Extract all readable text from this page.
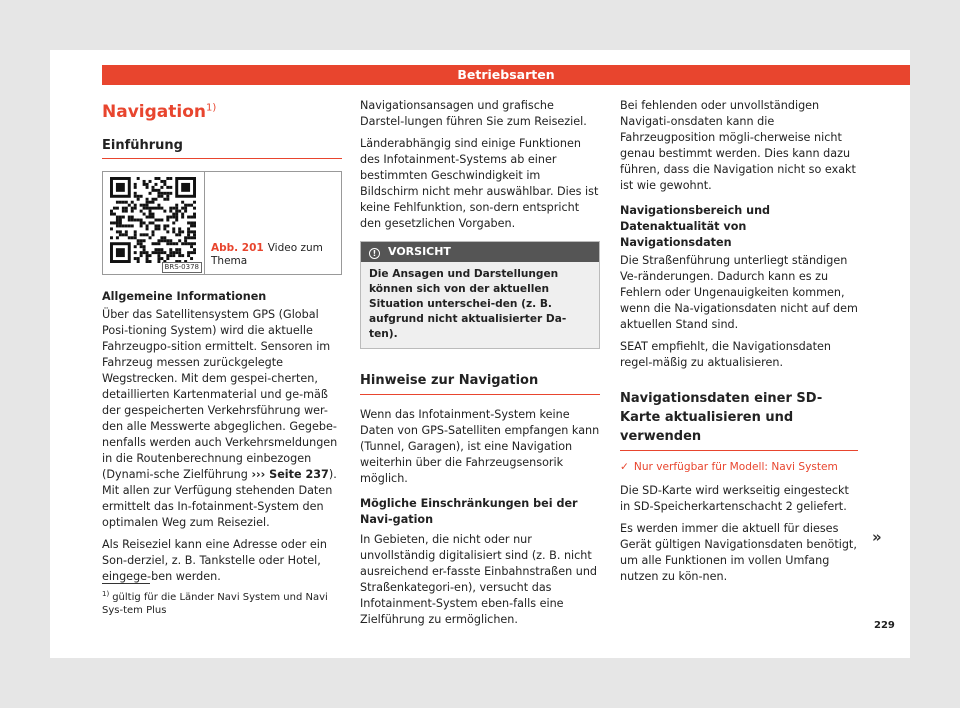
Betriebsarten
Navigation$^{1)}$
Einführung
BRS-0378
Abb. 201 Video zum Thema
Allgemeine Informationen

Über das Satellitensystem GPS (Global Posi-tioning System) wird die aktuelle Fahrzeugpo-sition ermittelt. Sensoren im Fahrzeug messen zurückgelegte Wegstrecken. Mit dem gespei-cherten, detaillierten Kartenmaterial und ge-mäß der gespeicherten Verkehrsführung wer-den alle Messwerte abgeglichen. Gegebe-nenfalls werden auch Verkehrsmeldungen in die Routenberechnung einbezogen (Dynami-sche Zielführung ››› Seite 237). Mit allen zur Verfügung stehenden Daten ermittelt das In-fotainment-System den optimalen Weg zum Reiseziel.

Als Reiseziel kann eine Adresse oder ein Son-derziel, z. B. Tankstelle oder Hotel, eingege-ben werden.

$^{1)}$ gültig für die Länder Navi System und Navi Sys-tem Plus

Navigationsansagen und grafische Darstel-lungen führen Sie zum Reiseziel.

Länderabhängig sind einige Funktionen des Infotainment-Systems ab einer bestimmten Geschwindigkeit im Bildschirm nicht mehr auswählbar. Dies ist keine Fehlfunktion, son-dern entspricht den gesetzlichen Vorgaben.

! VORSICHT
Die Ansagen und Darstellungen können sich von der aktuellen Situation unterschei-den (z. B. aufgrund nicht aktualisierter Da-ten).
Hinweise zur Navigation

Wenn das Infotainment-System keine Daten von GPS-Satelliten empfangen kann (Tunnel, Garagen), ist eine Navigation weiterhin über die Fahrzeugsensorik möglich.

Mögliche Einschränkungen bei der Navi-gation

In Gebieten, die nicht oder nur unvollständig digitalisiert sind (z. B. nicht ausreichend er-fasste Einbahnstraßen und Straßenkategori-en), versucht das Infotainment-System eben-falls eine Zielführung zu ermöglichen.

Bei fehlenden oder unvollständigen Navigati-onsdaten kann die Fahrzeugposition mögli-cherweise nicht genau bestimmt werden. Dies kann dazu führen, dass die Navigation nicht so exakt ist wie gewohnt.

Navigationsbereich und Datenaktualität von Navigationsdaten

Die Straßenführung unterliegt ständigen Ve-ränderungen. Dadurch kann es zu Fehlern oder Ungenauigkeiten kommen, wenn die Na-vigationsdaten nicht auf dem aktuellen Stand sind.

SEAT empfiehlt, die Navigationsdaten regel-mäßig zu aktualisieren.

Navigationsdaten einer SD-Karte aktualisieren und verwenden
✓ Nur verfügbar für Modell: Navi System

Die SD-Karte wird werkseitig eingesteckt in SD-Speicherkartenschacht 2 geliefert.

Es werden immer die aktuell für dieses Gerät gültigen Navigationsdaten benötigt, um alle Funktionen im vollen Umfang nutzen zu kön-nen.

»
229
